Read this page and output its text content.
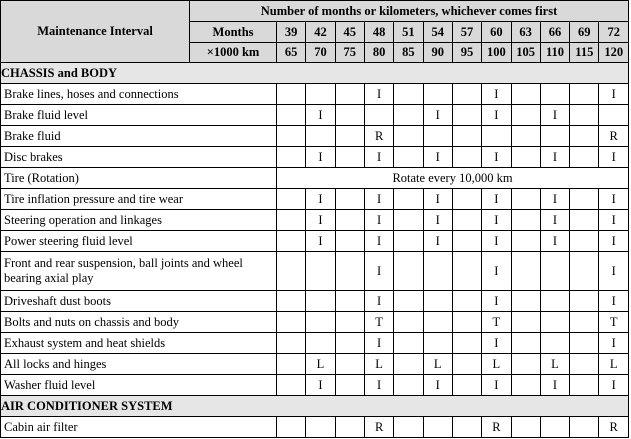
Maintenance Interval	Number of months or kilometers, whichever comes first												
	Months	39	42	45	48	51	54	57	60	63	66	69	72
	×1000 km	65	70	75	80	85	90	95	100	105	110	115	120
CHASSIS and BODY													
Brake lines, hoses and connections					I				I				I
Brake fluid level			I				I		I		I		
Brake fluid					R								R
Disc brakes			I		I		I		I		I		I
Tire (Rotation)		Rotate every 10,000 km											
Tire inflation pressure and tire wear			I		I		I		I		I		I
Steering operation and linkages			I		I		I		I		I		I
Power steering fluid level			I		I		I		I		I		I
Front and rear suspension, ball joints and wheel bearing axial play					I				I				I
Driveshaft dust boots					I				I				I
Bolts and nuts on chassis and body					T				T				T
Exhaust system and heat shields					I				I				I
All locks and hinges			L		L		L		L		L		L
Washer fluid level			I		I		I		I		I		I
AIR CONDITIONER SYSTEM													
Cabin air filter					R				R				R
